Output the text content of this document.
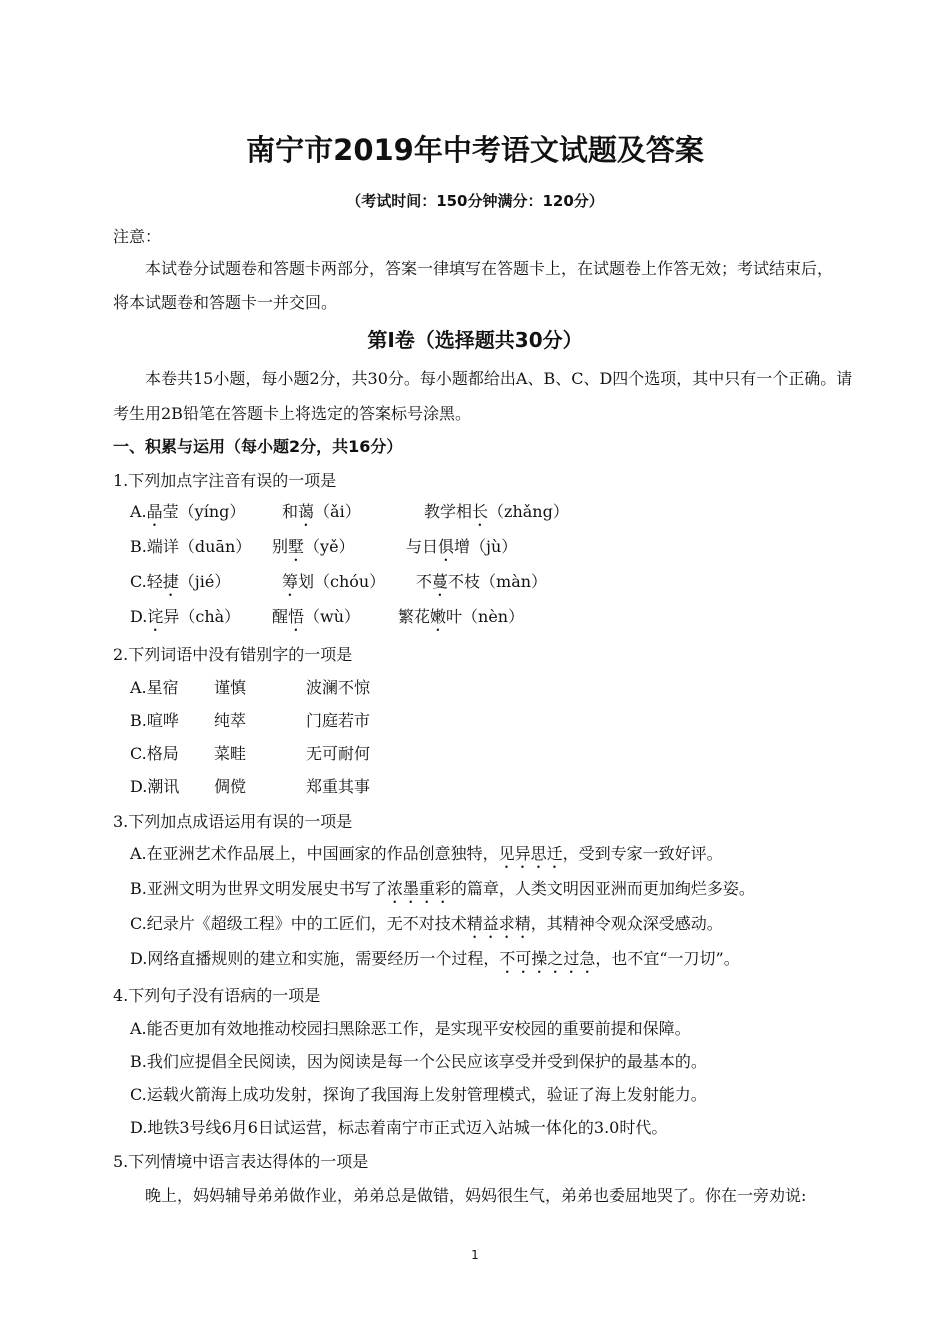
南宁市2019年中考语文试题及答案
（考试时间：150分钟满分：120分）
注意：
本试卷分试题卷和答题卡两部分，答案一律填写在答题卡上，在试题卷上作答无效；考试结束后，
将本试题卷和答题卡一并交回。
第Ⅰ卷（选择题共30分）
本卷共15小题，每小题2分，共30分。每小题都给出A、B、C、D四个选项，其中只有一个正确。请
考生用2B铅笔在答题卡上将选定的答案标号涂黑。
一、积累与运用（每小题2分，共16分）
1.下列加点字注音有误的一项是
A.晶莹（yíng） 和蔼（ǎi）	教学相长（zhǎng）
B.端详（duān） 别墅（yě）	与日俱增（jù）
C.轻捷（jié）	筹划（chóu） 不蔓不枝（màn）
D.诧异（chà） 醒悟（wù） 繁花嫩叶（nèn）
2.下列词语中没有错别字的一项是
A.星宿 谨慎	波澜不惊
B.喧哗 纯萃	门庭若市
C.格局 菜畦	无可耐何
D.潮讯 倜傥	郑重其事
3.下列加点成语运用有误的一项是
A.在亚洲艺术作品展上，中国画家的作品创意独特，见异思迁，受到专家一致好评。
B.亚洲文明为世界文明发展史书写了浓墨重彩的篇章，人类文明因亚洲而更加绚烂多姿。
C.纪录片《超级工程》中的工匠们，无不对技术精益求精，其精神令观众深受感动。
D.网络直播规则的建立和实施，需要经历一个过程，不可操之过急，也不宜“一刀切”。
4.下列句子没有语病的一项是
A.能否更加有效地推动校园扫黑除恶工作，是实现平安校园的重要前提和保障。
B.我们应提倡全民阅读，因为阅读是每一个公民应该享受并受到保护的最基本的。
C.运载火箭海上成功发射，探询了我国海上发射管理模式，验证了海上发射能力。
D.地铁3号线6月6日试运营，标志着南宁市正式迈入站城一体化的3.0时代。
5.下列情境中语言表达得体的一项是
晚上，妈妈辅导弟弟做作业，弟弟总是做错，妈妈很生气，弟弟也委屈地哭了。你在一旁劝说:
1
